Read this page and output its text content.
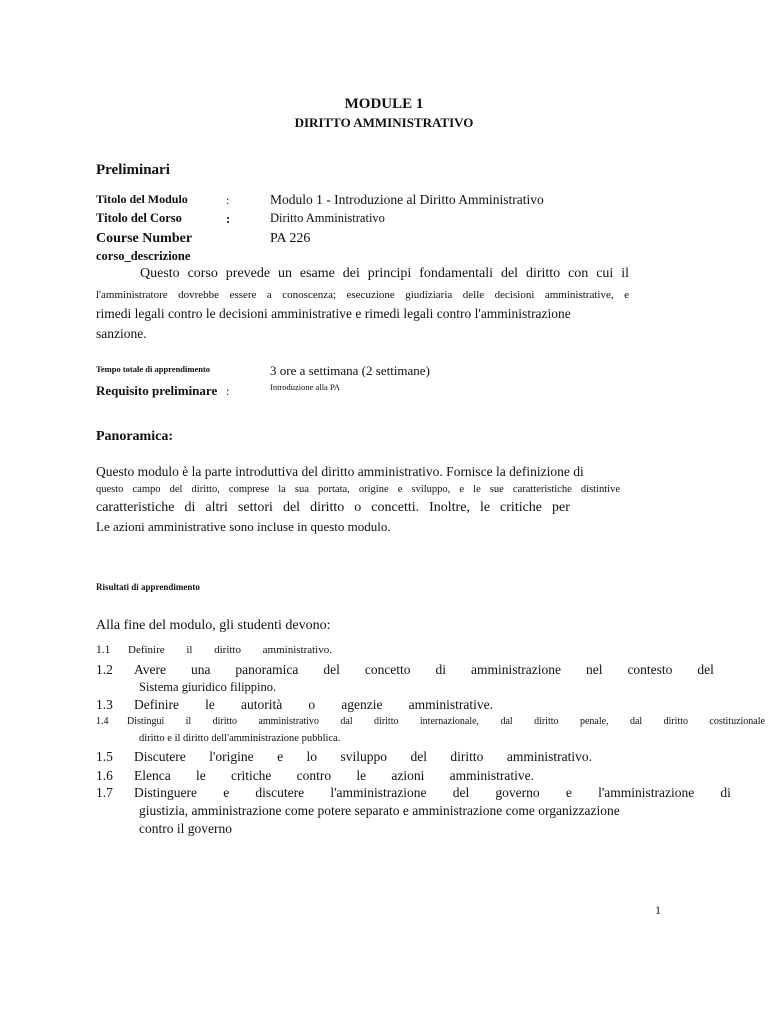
MODULE 1
DIRITTO AMMINISTRATIVO
Preliminari
Titolo del Modulo	:	Modulo 1 - Introduzione al Diritto Amministrativo
Titolo del Corso	:	Diritto Amministrativo
Course Number	PA 226
corso_descrizione
Questo corso prevede un esame dei principi fondamentali del diritto con cui il
l'amministratore dovrebbe essere a conoscenza; esecuzione giudiziaria delle decisioni amministrative, e
rimedi legali contro le decisioni amministrative e rimedi legali contro l'amministrazione
sanzione.
Tempo totale di apprendimento	3 ore a settimana (2 settimane)
Requisito preliminare :	Introduzione alla PA
Panoramica:
Questo modulo è la parte introduttiva del diritto amministrativo. Fornisce la definizione di
questo campo del diritto, comprese la sua portata, origine e sviluppo, e le sue caratteristiche distintive
caratteristiche di altri settori del diritto o concetti. Inoltre, le critiche per
Le azioni amministrative sono incluse in questo modulo.
Risultati di apprendimento
Alla fine del modulo, gli studenti devono:
1.1 Definire il diritto amministrativo.
1.2 Avere una panoramica del concetto di amministrazione nel contesto del
Sistema giuridico filippino.
1.3 Definire le autorità o agenzie amministrative.
1.4 Distingui il diritto amministrativo dal diritto internazionale, dal diritto penale, dal diritto costituzionale
diritto e il diritto dell'amministrazione pubblica.
1.5 Discutere l'origine e lo sviluppo del diritto amministrativo.
1.6 Elenca le critiche contro le azioni amministrative.
1.7 Distinguere e discutere l'amministrazione del governo e l'amministrazione di
giustizia, amministrazione come potere separato e amministrazione come organizzazione
contro il governo
1
